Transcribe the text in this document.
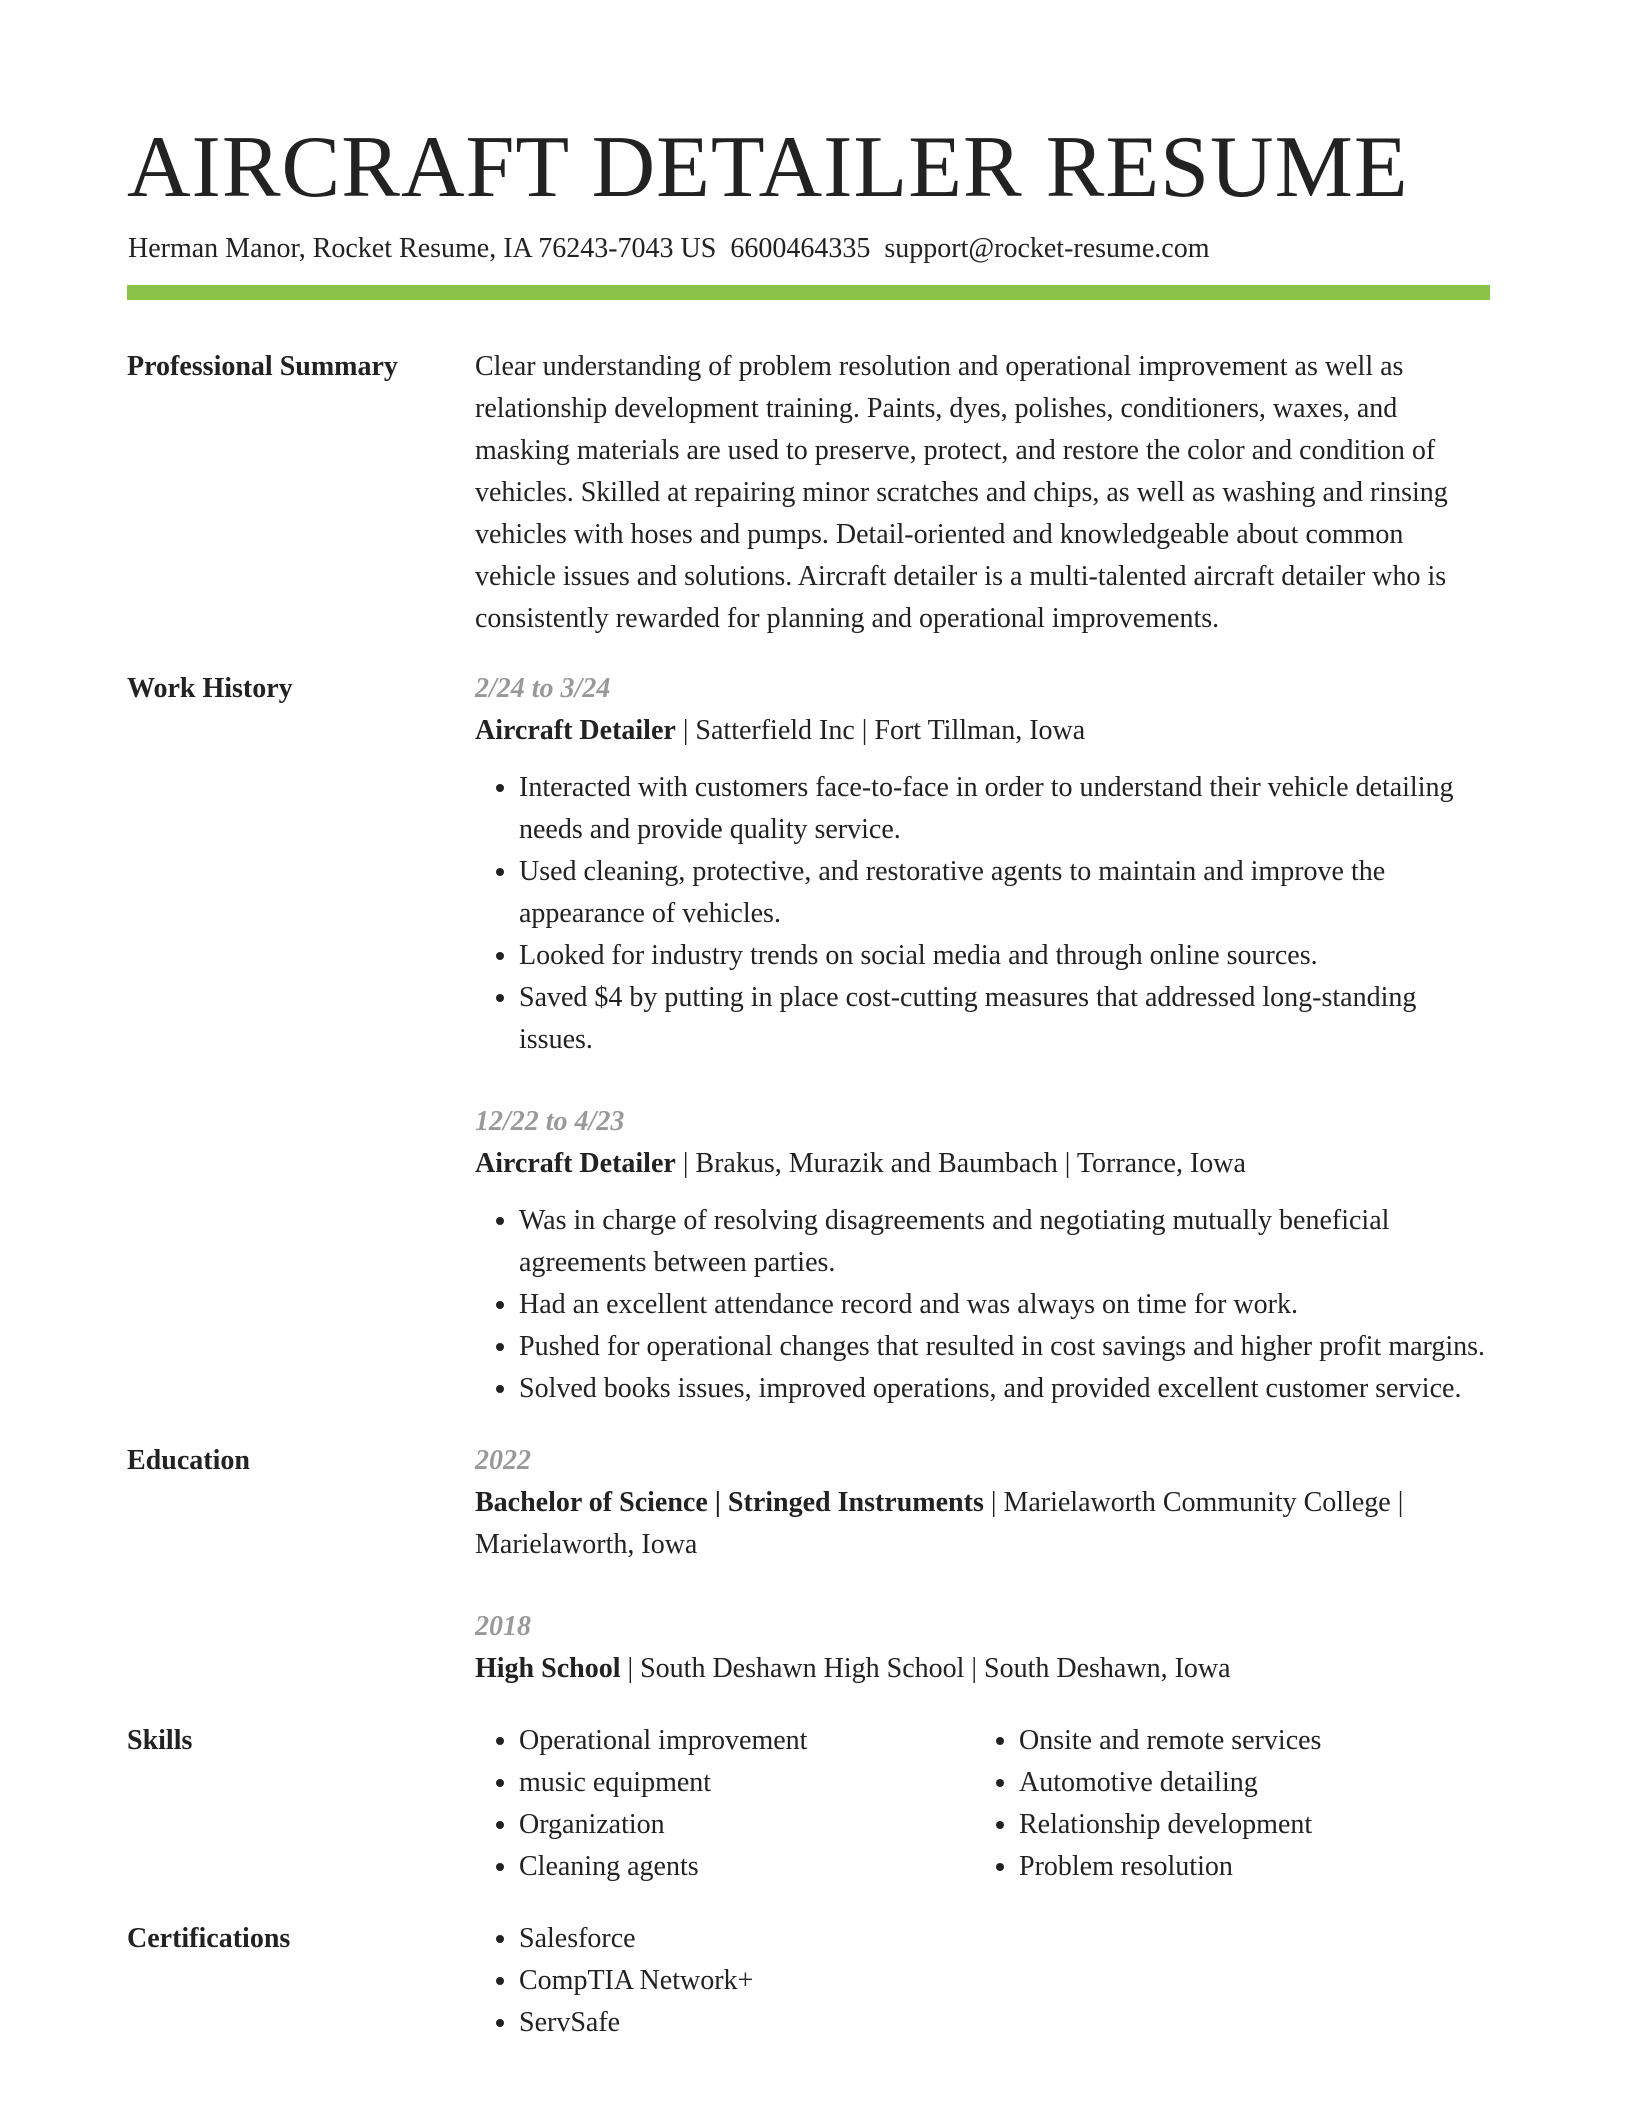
AIRCRAFT DETAILER RESUME
Herman Manor, Rocket Resume, IA 76243-7043 US 6600464335 support@rocket-resume.com
Professional Summary	Clear understanding of problem resolution and operational improvement as well as relationship development training. Paints, dyes, polishes, conditioners, waxes, and masking materials are used to preserve, protect, and restore the color and condition of vehicles. Skilled at repairing minor scratches and chips, as well as washing and rinsing vehicles with hoses and pumps. Detail-oriented and knowledgeable about common vehicle issues and solutions. Aircraft detailer is a multi-talented aircraft detailer who is consistently rewarded for planning and operational improvements.

Work History	2/24 to 3/24
Aircraft Detailer | Satterfield Inc | Fort Tillman, Iowa
• Interacted with customers face-to-face in order to understand their vehicle detailing needs and provide quality service.
• Used cleaning, protective, and restorative agents to maintain and improve the appearance of vehicles.
• Looked for industry trends on social media and through online sources.
• Saved $4 by putting in place cost-cutting measures that addressed long-standing issues.
12/22 to 4/23
Aircraft Detailer | Brakus, Murazik and Baumbach | Torrance, Iowa
• Was in charge of resolving disagreements and negotiating mutually beneficial agreements between parties.
• Had an excellent attendance record and was always on time for work.
• Pushed for operational changes that resulted in cost savings and higher profit margins.
• Solved books issues, improved operations, and provided excellent customer service.
Education	2022
Bachelor of Science | Stringed Instruments | Marielaworth Community College | Marielaworth, Iowa
2018
High School | South Deshawn High School | South Deshawn, Iowa
Skills	• Operational improvement
• music equipment
• Organization
• Cleaning agents
• Onsite and remote services
• Automotive detailing
• Relationship development
• Problem resolution
Certifications	• Salesforce
• CompTIA Network+
• ServSafe
